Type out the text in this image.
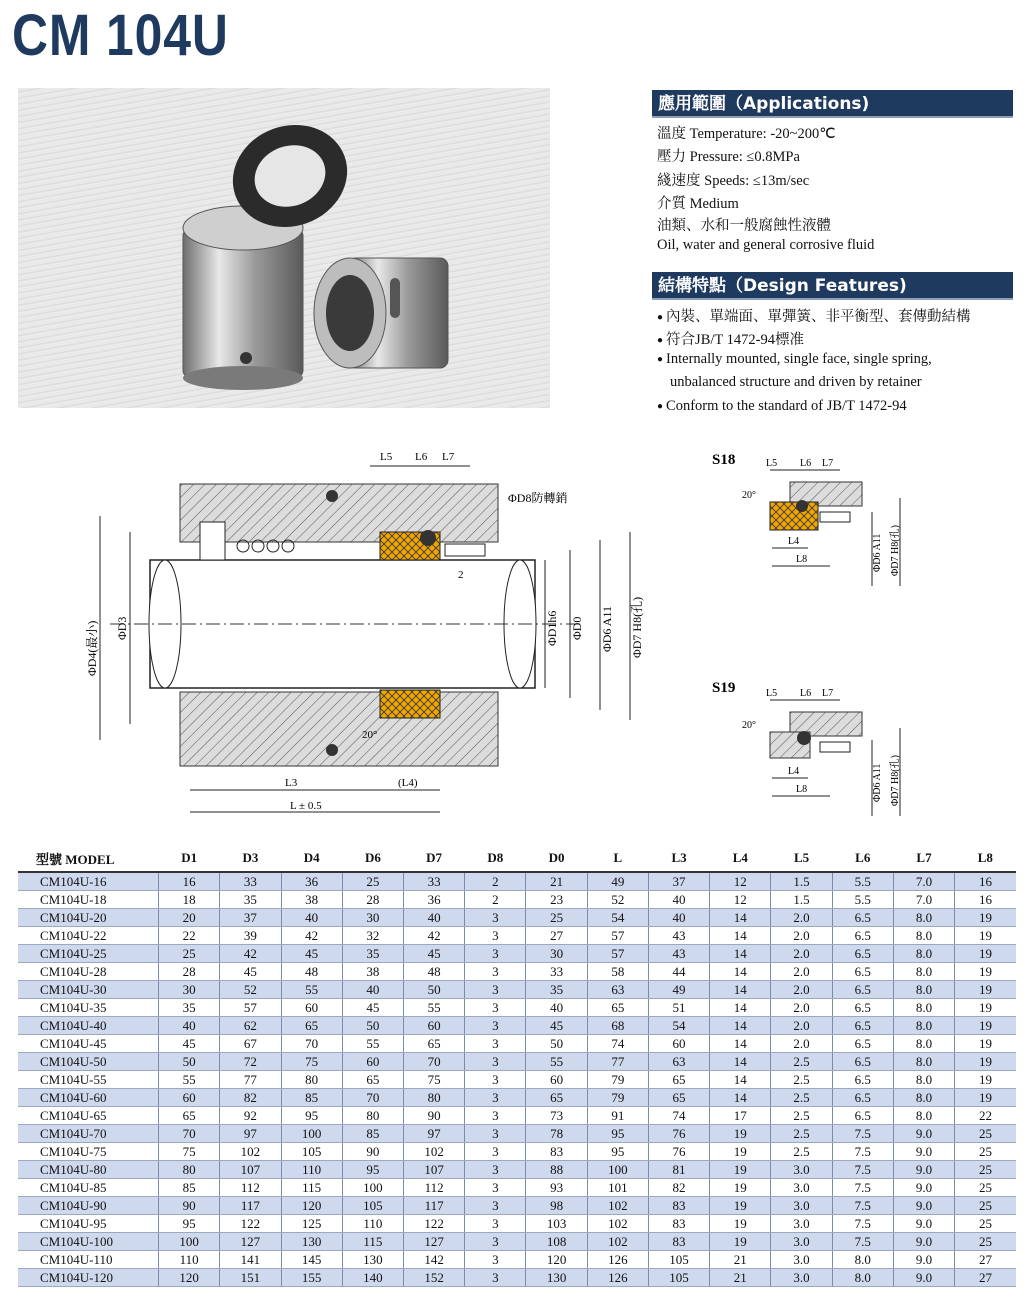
CM 104U
應用範圍（Applications)
溫度 Temperature: -20~200℃
壓力 Pressure: ≤0.8MPa
綫速度 Speeds: ≤13m/sec
介質 Medium
油類、水和一般腐蝕性液體
Oil, water and general corrosive fluid
結構特點（Design Features)
● 內裝、單端面、單彈簧、非平衡型、套傳動結構
● 符合JB/T 1472-94標准
● Internally mounted, single face, single spring,
unbalanced structure and driven by retainer
● Conform to the standard of JB/T 1472-94
L5 L6 L7
ΦD8防轉銷
2
ΦD4(最小) ΦD3	ΦD1h6 ΦD0 ΦD6 A11 ΦD7 H8(孔)
20°
L3	(L4)
L ± 0.5
S18	L5 L6 L7
20°
L4
L8	ΦD6 A11 ΦD7 H8(孔)
S19	L5 L6 L7
20°
L4
L8	ΦD6 A11 ΦD7 H8(孔)
型號 MODEL	D1	D3	D4	D6	D7	D8	D0	L	L3	L4	L5	L6	L7	L8
CM104U-16	16	33	36	25	33	2	21	49	37	12	1.5	5.5	7.0	16
CM104U-18	18	35	38	28	36	2	23	52	40	12	1.5	5.5	7.0	16
CM104U-20	20	37	40	30	40	3	25	54	40	14	2.0	6.5	8.0	19
CM104U-22	22	39	42	32	42	3	27	57	43	14	2.0	6.5	8.0	19
CM104U-25	25	42	45	35	45	3	30	57	43	14	2.0	6.5	8.0	19
CM104U-28	28	45	48	38	48	3	33	58	44	14	2.0	6.5	8.0	19
CM104U-30	30	52	55	40	50	3	35	63	49	14	2.0	6.5	8.0	19
CM104U-35	35	57	60	45	55	3	40	65	51	14	2.0	6.5	8.0	19
CM104U-40	40	62	65	50	60	3	45	68	54	14	2.0	6.5	8.0	19
CM104U-45	45	67	70	55	65	3	50	74	60	14	2.0	6.5	8.0	19
CM104U-50	50	72	75	60	70	3	55	77	63	14	2.5	6.5	8.0	19
CM104U-55	55	77	80	65	75	3	60	79	65	14	2.5	6.5	8.0	19
CM104U-60	60	82	85	70	80	3	65	79	65	14	2.5	6.5	8.0	19
CM104U-65	65	92	95	80	90	3	73	91	74	17	2.5	6.5	8.0	22
CM104U-70	70	97	100	85	97	3	78	95	76	19	2.5	7.5	9.0	25
CM104U-75	75	102	105	90	102	3	83	95	76	19	2.5	7.5	9.0	25
CM104U-80	80	107	110	95	107	3	88	100	81	19	3.0	7.5	9.0	25
CM104U-85	85	112	115	100	112	3	93	101	82	19	3.0	7.5	9.0	25
CM104U-90	90	117	120	105	117	3	98	102	83	19	3.0	7.5	9.0	25
CM104U-95	95	122	125	110	122	3	103	102	83	19	3.0	7.5	9.0	25
CM104U-100	100	127	130	115	127	3	108	102	83	19	3.0	7.5	9.0	25
CM104U-110	110	141	145	130	142	3	120	126	105	21	3.0	8.0	9.0	27
CM104U-120	120	151	155	140	152	3	130	126	105	21	3.0	8.0	9.0	27
